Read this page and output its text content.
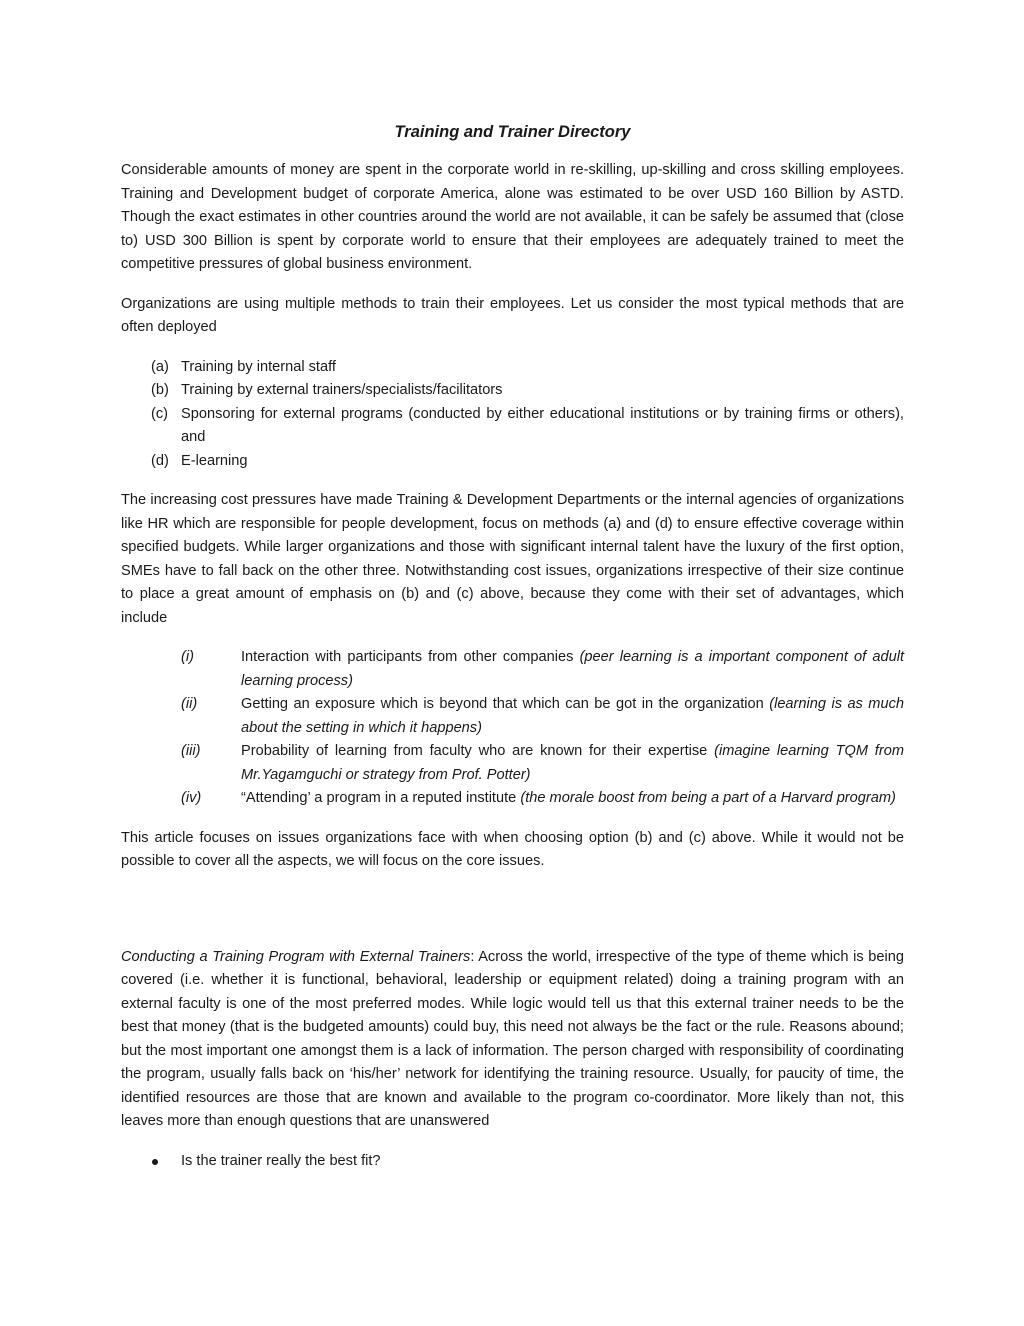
Training and Trainer Directory

Considerable amounts of money are spent in the corporate world in re-skilling, up-skilling and cross skilling employees. Training and Development budget of corporate America, alone was estimated to be over USD 160 Billion by ASTD. Though the exact estimates in other countries around the world are not available, it can be safely be assumed that (close to) USD 300 Billion is spent by corporate world to ensure that their employees are adequately trained to meet the competitive pressures of global business environment.

Organizations are using multiple methods to train their employees. Let us consider the most typical methods that are often deployed

(a) Training by internal staff
(b) Training by external trainers/specialists/facilitators
(c) Sponsoring for external programs (conducted by either educational institutions or by training firms or others), and
(d) E-learning

The increasing cost pressures have made Training & Development Departments or the internal agencies of organizations like HR which are responsible for people development, focus on methods (a) and (d) to ensure effective coverage within specified budgets. While larger organizations and those with significant internal talent have the luxury of the first option, SMEs have to fall back on the other three. Notwithstanding cost issues, organizations irrespective of their size continue to place a great amount of emphasis on (b) and (c) above, because they come with their set of advantages, which include

(i)	Interaction with participants from other companies (peer learning is a important component of adult learning process)
(ii)	Getting an exposure which is beyond that which can be got in the organization (learning is as much about the setting in which it happens)
(iii)	Probability of learning from faculty who are known for their expertise (imagine learning TQM from Mr.Yagamguchi or strategy from Prof. Potter)
(iv)	“Attending’ a program in a reputed institute (the morale boost from being a part of a Harvard program)

This article focuses on issues organizations face with when choosing option (b) and (c) above. While it would not be possible to cover all the aspects, we will focus on the core issues.

Conducting a Training Program with External Trainers: Across the world, irrespective of the type of theme which is being covered (i.e. whether it is functional, behavioral, leadership or equipment related) doing a training program with an external faculty is one of the most preferred modes. While logic would tell us that this external trainer needs to be the best that money (that is the budgeted amounts) could buy, this need not always be the fact or the rule. Reasons abound; but the most important one amongst them is a lack of information. The person charged with responsibility of coordinating the program, usually falls back on ‘his/her’ network for identifying the training resource. Usually, for paucity of time, the identified resources are those that are known and available to the program co-coordinator. More likely than not, this leaves more than enough questions that are unanswered

Is the trainer really the best fit?
